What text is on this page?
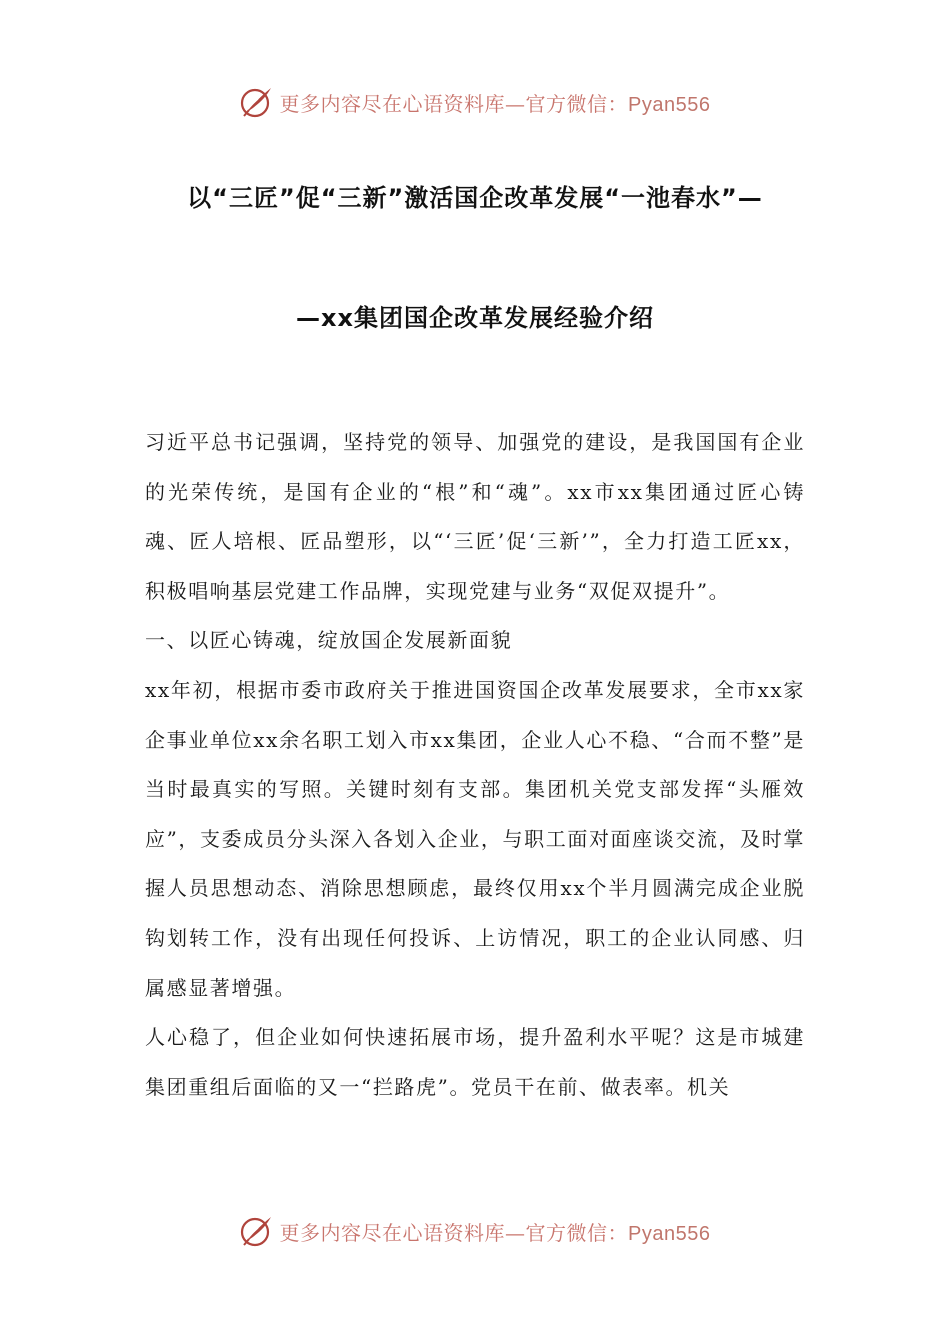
更多内容尽在心语资料库—官方微信：Pyan556
以“三匠”促“三新”激活国企改革发展“一池春水”—
—xx集团国企改革发展经验介绍

习近平总书记强调，坚持党的领导、加强党的建设，是我国国有企业的光荣传统，是国有企业的“根”和“魂”。xx市xx集团通过匠心铸魂、匠人培根、匠品塑形，以“‘三匠’促‘三新’”，全力打造工匠xx，积极唱响基层党建工作品牌，实现党建与业务“双促双提升”。

一、以匠心铸魂，绽放国企发展新面貌

xx年初，根据市委市政府关于推进国资国企改革发展要求，全市xx家企事业单位xx余名职工划入市xx集团，企业人心不稳、“合而不整”是当时最真实的写照。关键时刻有支部。集团机关党支部发挥“头雁效应”，支委成员分头深入各划入企业，与职工面对面座谈交流，及时掌握人员思想动态、消除思想顾虑，最终仅用xx个半月圆满完成企业脱钩划转工作，没有出现任何投诉、上访情况，职工的企业认同感、归属感显著增强。

人心稳了，但企业如何快速拓展市场，提升盈利水平呢？这是市城建集团重组后面临的又一“拦路虎”。党员干在前、做表率。机关

更多内容尽在心语资料库—官方微信：Pyan556
